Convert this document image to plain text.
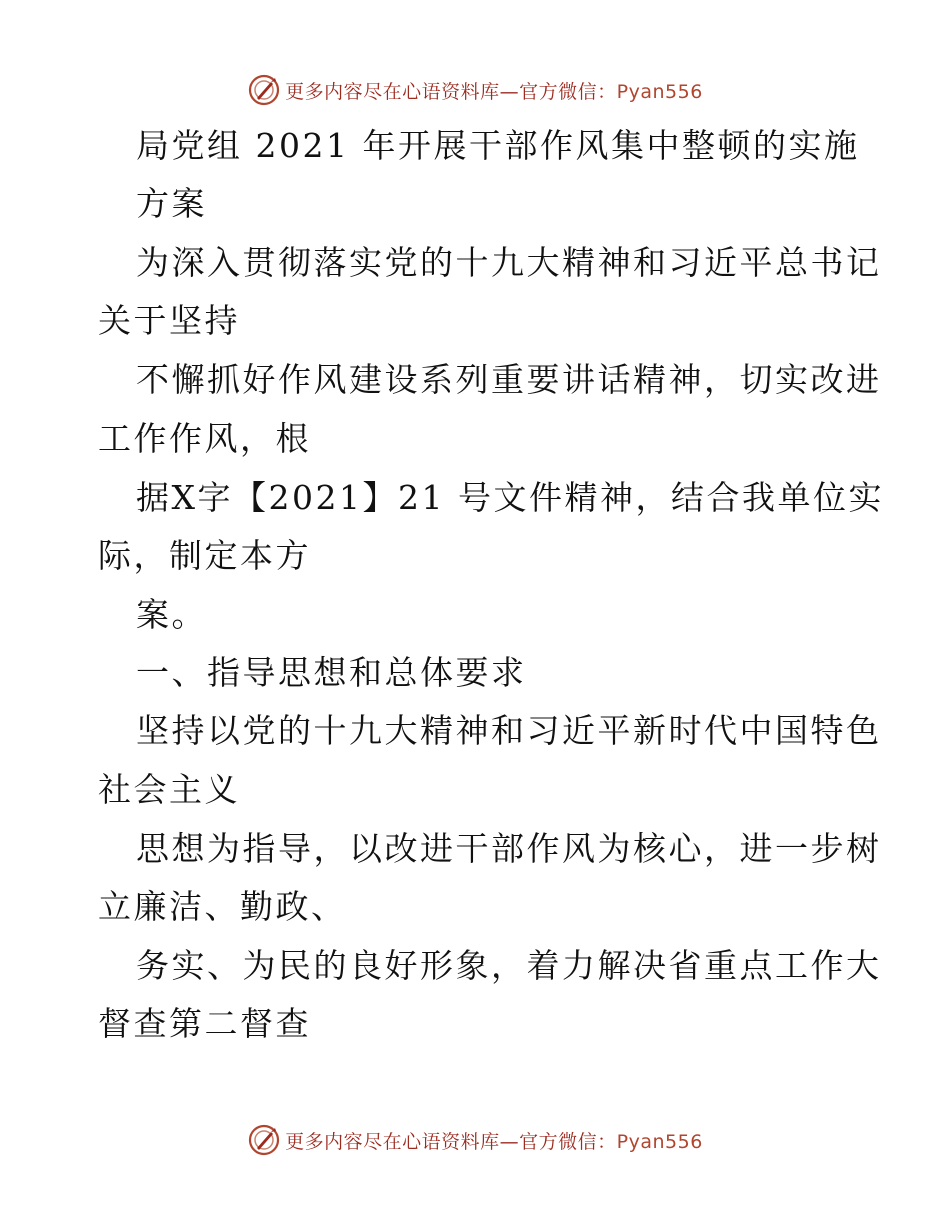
更多内容尽在心语资料库—官方微信：Pyan556
局党组 2021 年开展干部作风集中整顿的实施
方案
为深入贯彻落实党的十九大精神和习近平总书记
关于坚持
不懈抓好作风建设系列重要讲话精神，切实改进
工作作风，根
据X字【2021】21 号文件精神，结合我单位实
际，制定本方
案。
一、指导思想和总体要求
坚持以党的十九大精神和习近平新时代中国特色
社会主义
思想为指导，以改进干部作风为核心，进一步树
立廉洁、勤政、
务实、为民的良好形象，着力解决省重点工作大
督查第二督查
更多内容尽在心语资料库—官方微信：Pyan556
